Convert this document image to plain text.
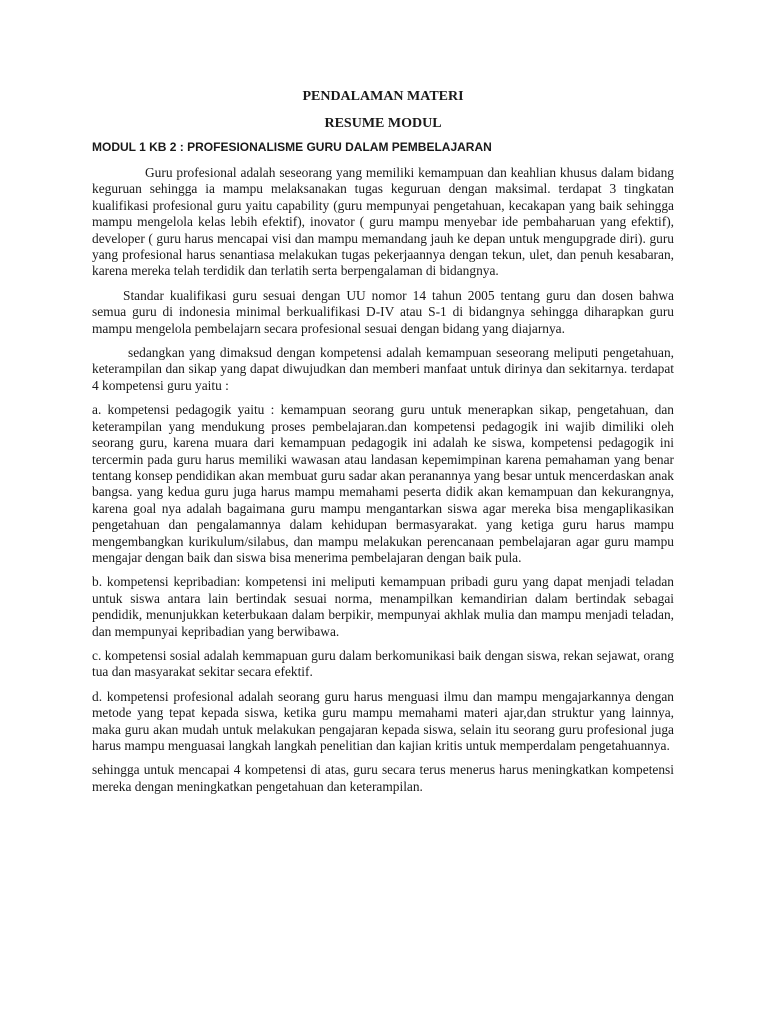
PENDALAMAN MATERI

RESUME MODUL

MODUL 1 KB 2 : PROFESIONALISME GURU DALAM PEMBELAJARAN

Guru profesional adalah seseorang yang memiliki kemampuan dan keahlian khusus dalam bidang keguruan sehingga ia mampu melaksanakan tugas keguruan dengan maksimal. terdapat 3 tingkatan kualifikasi profesional guru yaitu capability (guru mempunyai pengetahuan, kecakapan yang baik sehingga mampu mengelola kelas lebih efektif), inovator ( guru mampu menyebar ide pembaharuan yang efektif), developer ( guru harus mencapai visi dan mampu memandang jauh ke depan untuk mengupgrade diri). guru yang profesional harus senantiasa melakukan tugas pekerjaannya dengan tekun, ulet, dan penuh kesabaran, karena mereka telah terdidik dan terlatih serta berpengalaman di bidangnya.

Standar kualifikasi guru sesuai dengan UU nomor 14 tahun 2005 tentang guru dan dosen bahwa semua guru di indonesia minimal berkualifikasi D-IV atau S-1 di bidangnya sehingga diharapkan guru mampu mengelola pembelajarn secara profesional sesuai dengan bidang yang diajarnya.

sedangkan yang dimaksud dengan kompetensi adalah kemampuan seseorang meliputi pengetahuan, keterampilan dan sikap yang dapat diwujudkan dan memberi manfaat untuk dirinya dan sekitarnya. terdapat 4 kompetensi guru yaitu :

a. kompetensi pedagogik yaitu : kemampuan seorang guru untuk menerapkan sikap, pengetahuan, dan keterampilan yang mendukung proses pembelajaran.dan kompetensi pedagogik ini wajib dimiliki oleh seorang guru, karena muara dari kemampuan pedagogik ini adalah ke siswa, kompetensi pedagogik ini tercermin pada guru harus memiliki wawasan atau landasan kepemimpinan karena pemahaman yang benar tentang konsep pendidikan akan membuat guru sadar akan peranannya yang besar untuk mencerdaskan anak bangsa. yang kedua guru juga harus mampu memahami peserta didik akan kemampuan dan kekurangnya, karena goal nya adalah bagaimana guru mampu mengantarkan siswa agar mereka bisa mengaplikasikan pengetahuan dan pengalamannya dalam kehidupan bermasyarakat. yang ketiga guru harus mampu mengembangkan kurikulum/silabus, dan mampu melakukan perencanaan pembelajaran agar guru mampu mengajar dengan baik dan siswa bisa menerima pembelajaran dengan baik pula.

b. kompetensi kepribadian: kompetensi ini meliputi kemampuan pribadi guru yang dapat menjadi teladan untuk siswa antara lain bertindak sesuai norma, menampilkan kemandirian dalam bertindak sebagai pendidik, menunjukkan keterbukaan dalam berpikir, mempunyai akhlak mulia dan mampu menjadi teladan, dan mempunyai kepribadian yang berwibawa.

c. kompetensi sosial adalah kemmapuan guru dalam berkomunikasi baik dengan siswa, rekan sejawat, orang tua dan masyarakat sekitar secara efektif.

d. kompetensi profesional adalah seorang guru harus menguasi ilmu dan mampu mengajarkannya dengan metode yang tepat kepada siswa, ketika guru mampu memahami materi ajar,dan struktur yang lainnya, maka guru akan mudah untuk melakukan pengajaran kepada siswa, selain itu seorang guru profesional juga harus mampu menguasai langkah langkah penelitian dan kajian kritis untuk memperdalam pengetahuannya.

sehingga untuk mencapai 4 kompetensi di atas, guru secara terus menerus harus meningkatkan kompetensi mereka dengan meningkatkan pengetahuan dan keterampilan.
